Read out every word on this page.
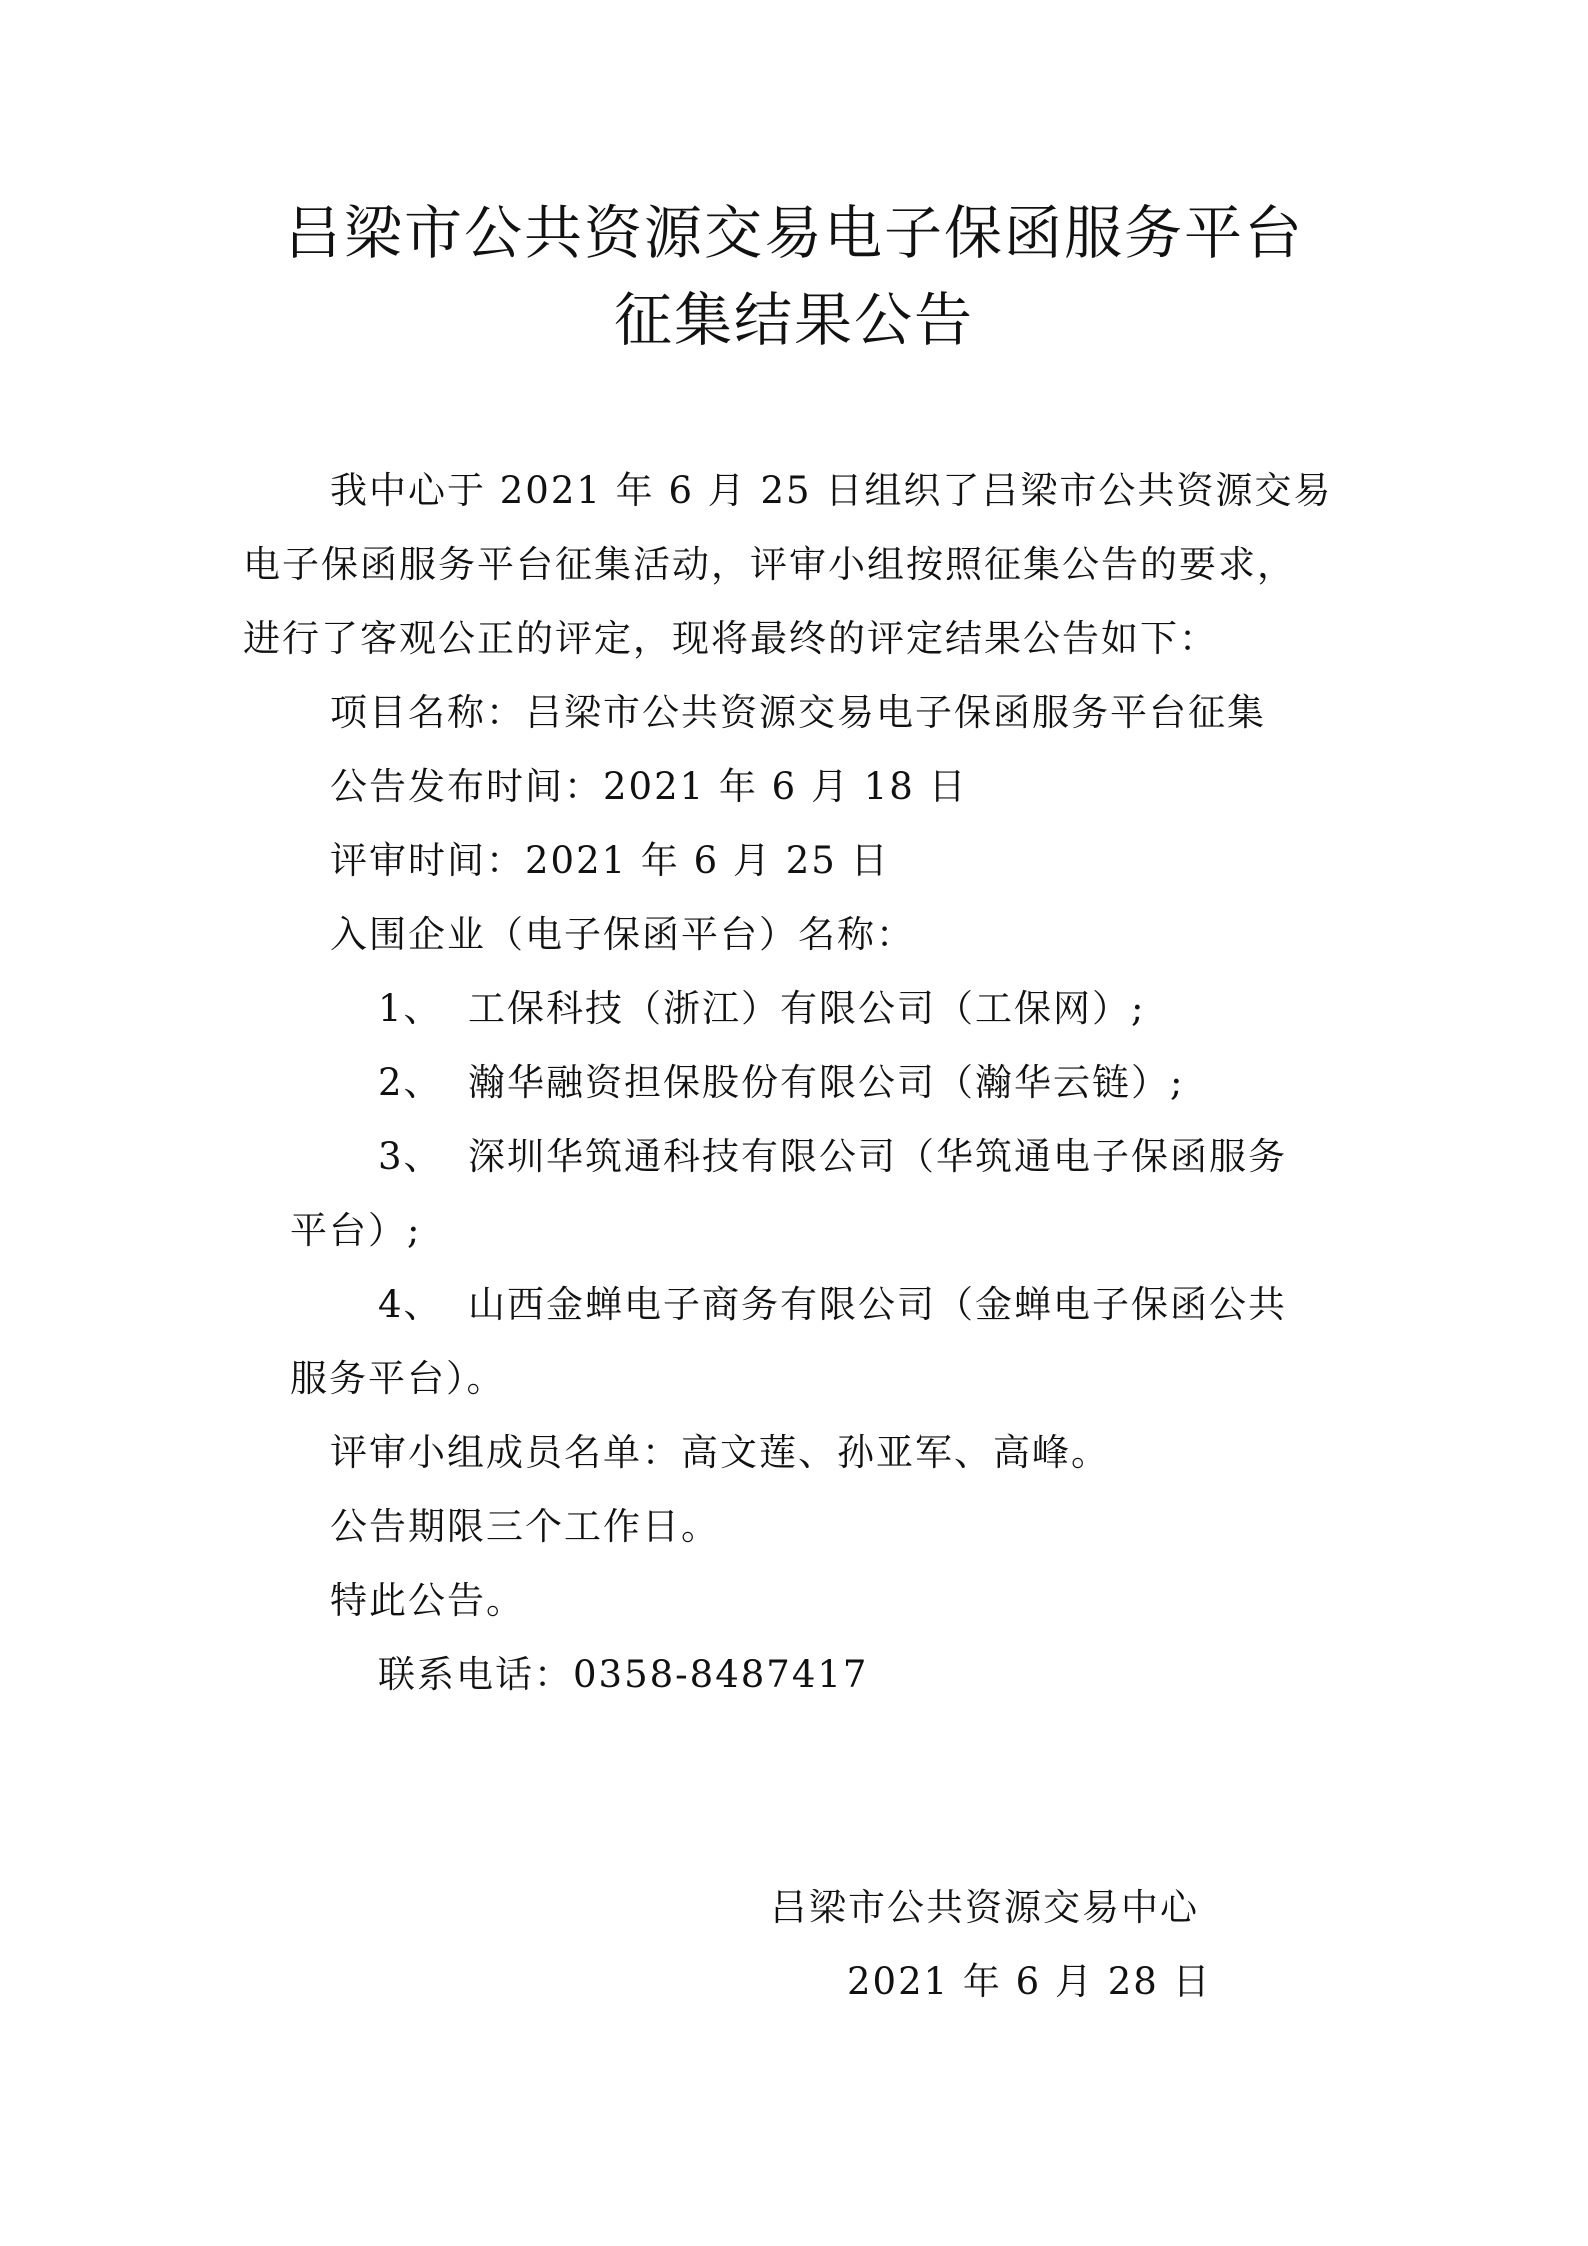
吕梁市公共资源交易电子保函服务平台
征集结果公告
我中心于 2021 年 6 月 25 日组织了吕梁市公共资源交易
电子保函服务平台征集活动，评审小组按照征集公告的要求，
进行了客观公正的评定，现将最终的评定结果公告如下：
项目名称：吕梁市公共资源交易电子保函服务平台征集
公告发布时间：2021 年 6 月 18 日
评审时间：2021 年 6 月 25 日
入围企业（电子保函平台）名称：
1、 工保科技（浙江）有限公司（工保网）;
2、 瀚华融资担保股份有限公司（瀚华云链）;
3、 深圳华筑通科技有限公司（华筑通电子保函服务
平台）;
4、 山西金蝉电子商务有限公司（金蝉电子保函公共
服务平台）。
评审小组成员名单：高文莲、孙亚军、高峰。
公告期限三个工作日。
特此公告。
联系电话：0358-8487417
吕梁市公共资源交易中心
2021 年 6 月 28 日
